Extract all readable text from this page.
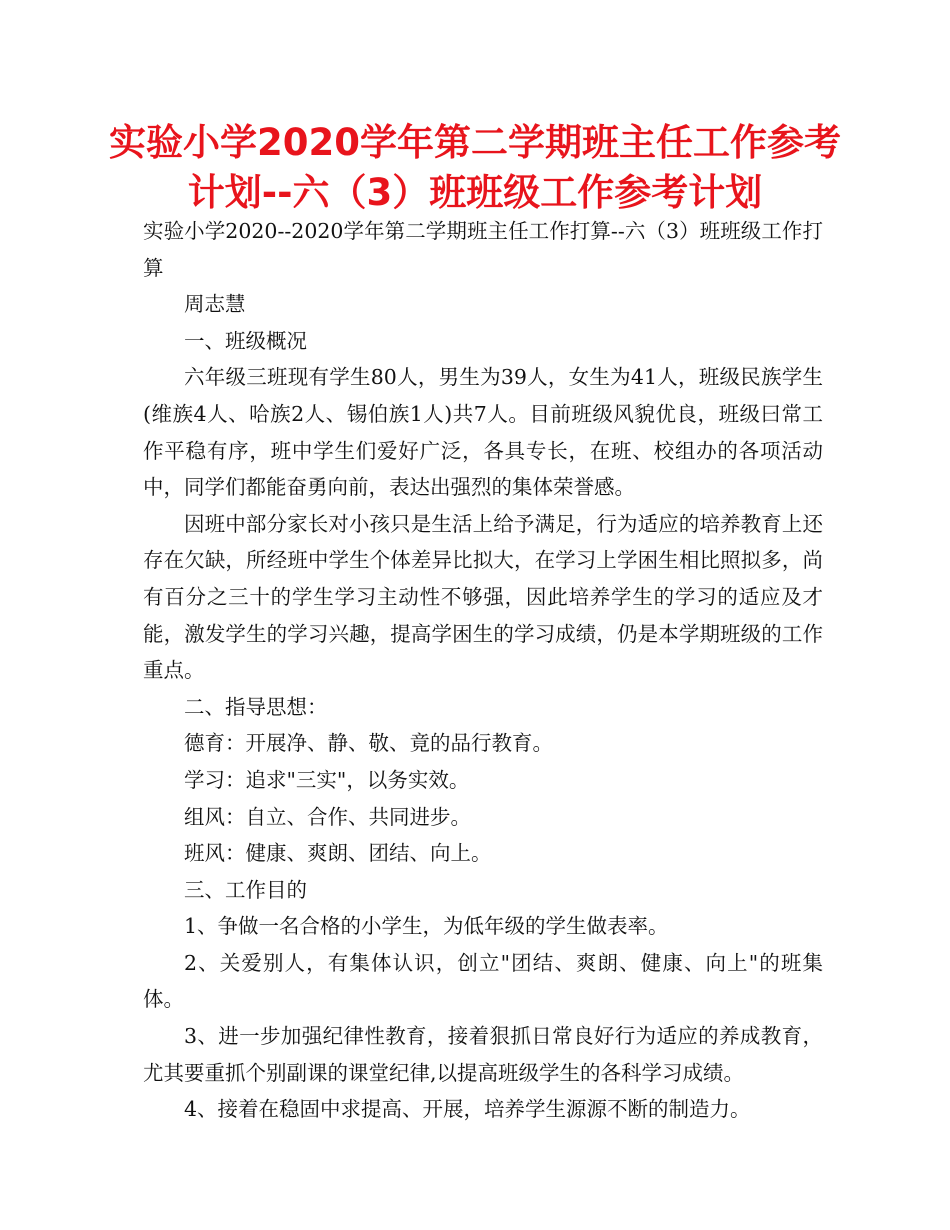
实验小学2020学年第二学期班主任工作参考计划--六（3）班班级工作参考计划

实验小学2020--2020学年第二学期班主任工作打算--六（3）班班级工作打算

周志慧

一、班级概况

六年级三班现有学生80人，男生为39人，女生为41人，班级民族学生(维族4人、哈族2人、锡伯族1人)共7人。目前班级风貌优良，班级曰常工作平稳有序，班中学生们爱好广泛，各具专长，在班、校组办的各项活动中，同学们都能奋勇向前，表达出强烈的集体荣誉感。

因班中部分家长对小孩只是生活上给予满足，行为适应的培养教育上还存在欠缺，所经班中学生个体差异比拟大，在学习上学困生相比照拟多，尚有百分之三十的学生学习主动性不够强，因此培养学生的学习的适应及才能，激发学生的学习兴趣，提高学困生的学习成绩，仍是本学期班级的工作重点。

二、指导思想：

德育：开展净、静、敬、竟的品行教育。

学习：追求"三实"，以务实效。

组风：自立、合作、共同进步。

班风：健康、爽朗、团结、向上。

三、工作目的

1、争做一名合格的小学生，为低年级的学生做表率。

2、关爱别人，有集体认识，创立"团结、爽朗、健康、向上"的班集体。

3、进一步加强纪律性教育，接着狠抓日常良好行为适应的养成教育，尤其要重抓个别副课的课堂纪律,以提高班级学生的各科学习成绩。

4、接着在稳固中求提高、开展，培养学生源源不断的制造力。
